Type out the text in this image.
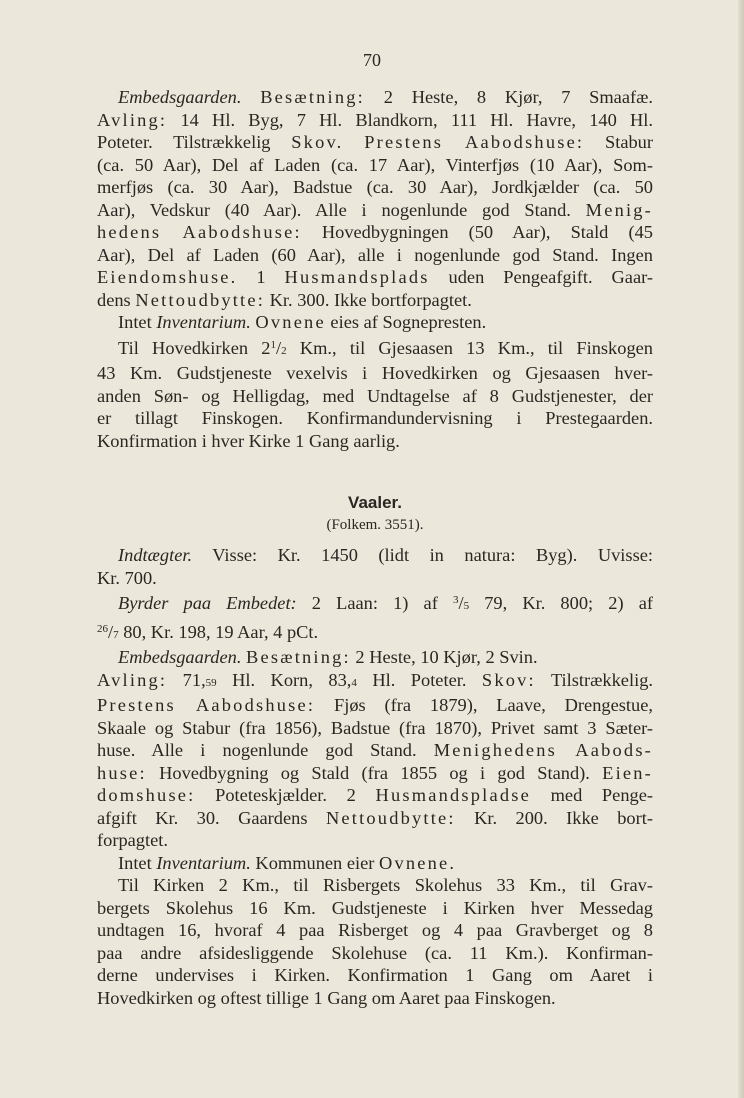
70
Embedsgaarden. Besætning: 2 Heste, 8 Kjør, 7 Smaafæ.
Avling: 14 Hl. Byg, 7 Hl. Blandkorn, 111 Hl. Havre, 140 Hl.
Poteter. Tilstrækkelig Skov. Prestens Aabodshuse: Stabur
(ca. 50 Aar), Del af Laden (ca. 17 Aar), Vinterfjøs (10 Aar), Som-
merfjøs (ca. 30 Aar), Badstue (ca. 30 Aar), Jordkjælder (ca. 50
Aar), Vedskur (40 Aar). Alle i nogenlunde god Stand. Menig-
hedens Aabodshuse: Hovedbygningen (50 Aar), Stald (45
Aar), Del af Laden (60 Aar), alle i nogenlunde god Stand. Ingen
Eiendomshuse. 1 Husmandsplads uden Pengeafgift. Gaar-
dens Nettoudbytte: Kr. 300. Ikke bortforpagtet.
Intet Inventarium. Ovnene eies af Sognepresten.
Til Hovedkirken $2^1/2$ Km., til Gjesaasen 13 Km., til Finskogen
43 Km. Gudstjeneste vexelvis i Hovedkirken og Gjesaasen hver-
anden Søn- og Helligdag, med Undtagelse af 8 Gudstjenester, der
er tillagt Finskogen. Konfirmandundervisning i Prestegaarden.
Konfirmation i hver Kirke 1 Gang aarlig.
Vaaler.
(Folkem. 3551).
Indtægter. Visse: Kr. 1450 (lidt in natura: Byg). Uvisse:
Kr. 700.
Byrder paa Embedet: 2 Laan: 1) af $^3$/5 79, Kr. 800; 2) af
$^{26}$/7 80, Kr. 198, 19 Aar, 4 pCt.
Embedsgaarden. Besætning: 2 Heste, 10 Kjør, 2 Svin.
Avling: 71,59 Hl. Korn, 83,4 Hl. Poteter. Skov: Tilstrækkelig.
Prestens Aabodshuse: Fjøs (fra 1879), Laave, Drengestue,
Skaale og Stabur (fra 1856), Badstue (fra 1870), Privet samt 3 Sæter-
huse. Alle i nogenlunde god Stand. Menighedens Aabods-
huse: Hovedbygning og Stald (fra 1855 og i god Stand). Eien-
domshuse: Poteteskjælder. 2 Husmandspladse med Penge-
afgift Kr. 30. Gaardens Nettoudbytte: Kr. 200. Ikke bort-
forpagtet.
Intet Inventarium. Kommunen eier Ovnene.
Til Kirken 2 Km., til Risbergets Skolehus 33 Km., til Grav-
bergets Skolehus 16 Km. Gudstjeneste i Kirken hver Messedag
undtagen 16, hvoraf 4 paa Risberget og 4 paa Gravberget og 8
paa andre afsidesliggende Skolehuse (ca. 11 Km.). Konfirman-
derne undervises i Kirken. Konfirmation 1 Gang om Aaret i
Hovedkirken og oftest tillige 1 Gang om Aaret paa Finskogen.
